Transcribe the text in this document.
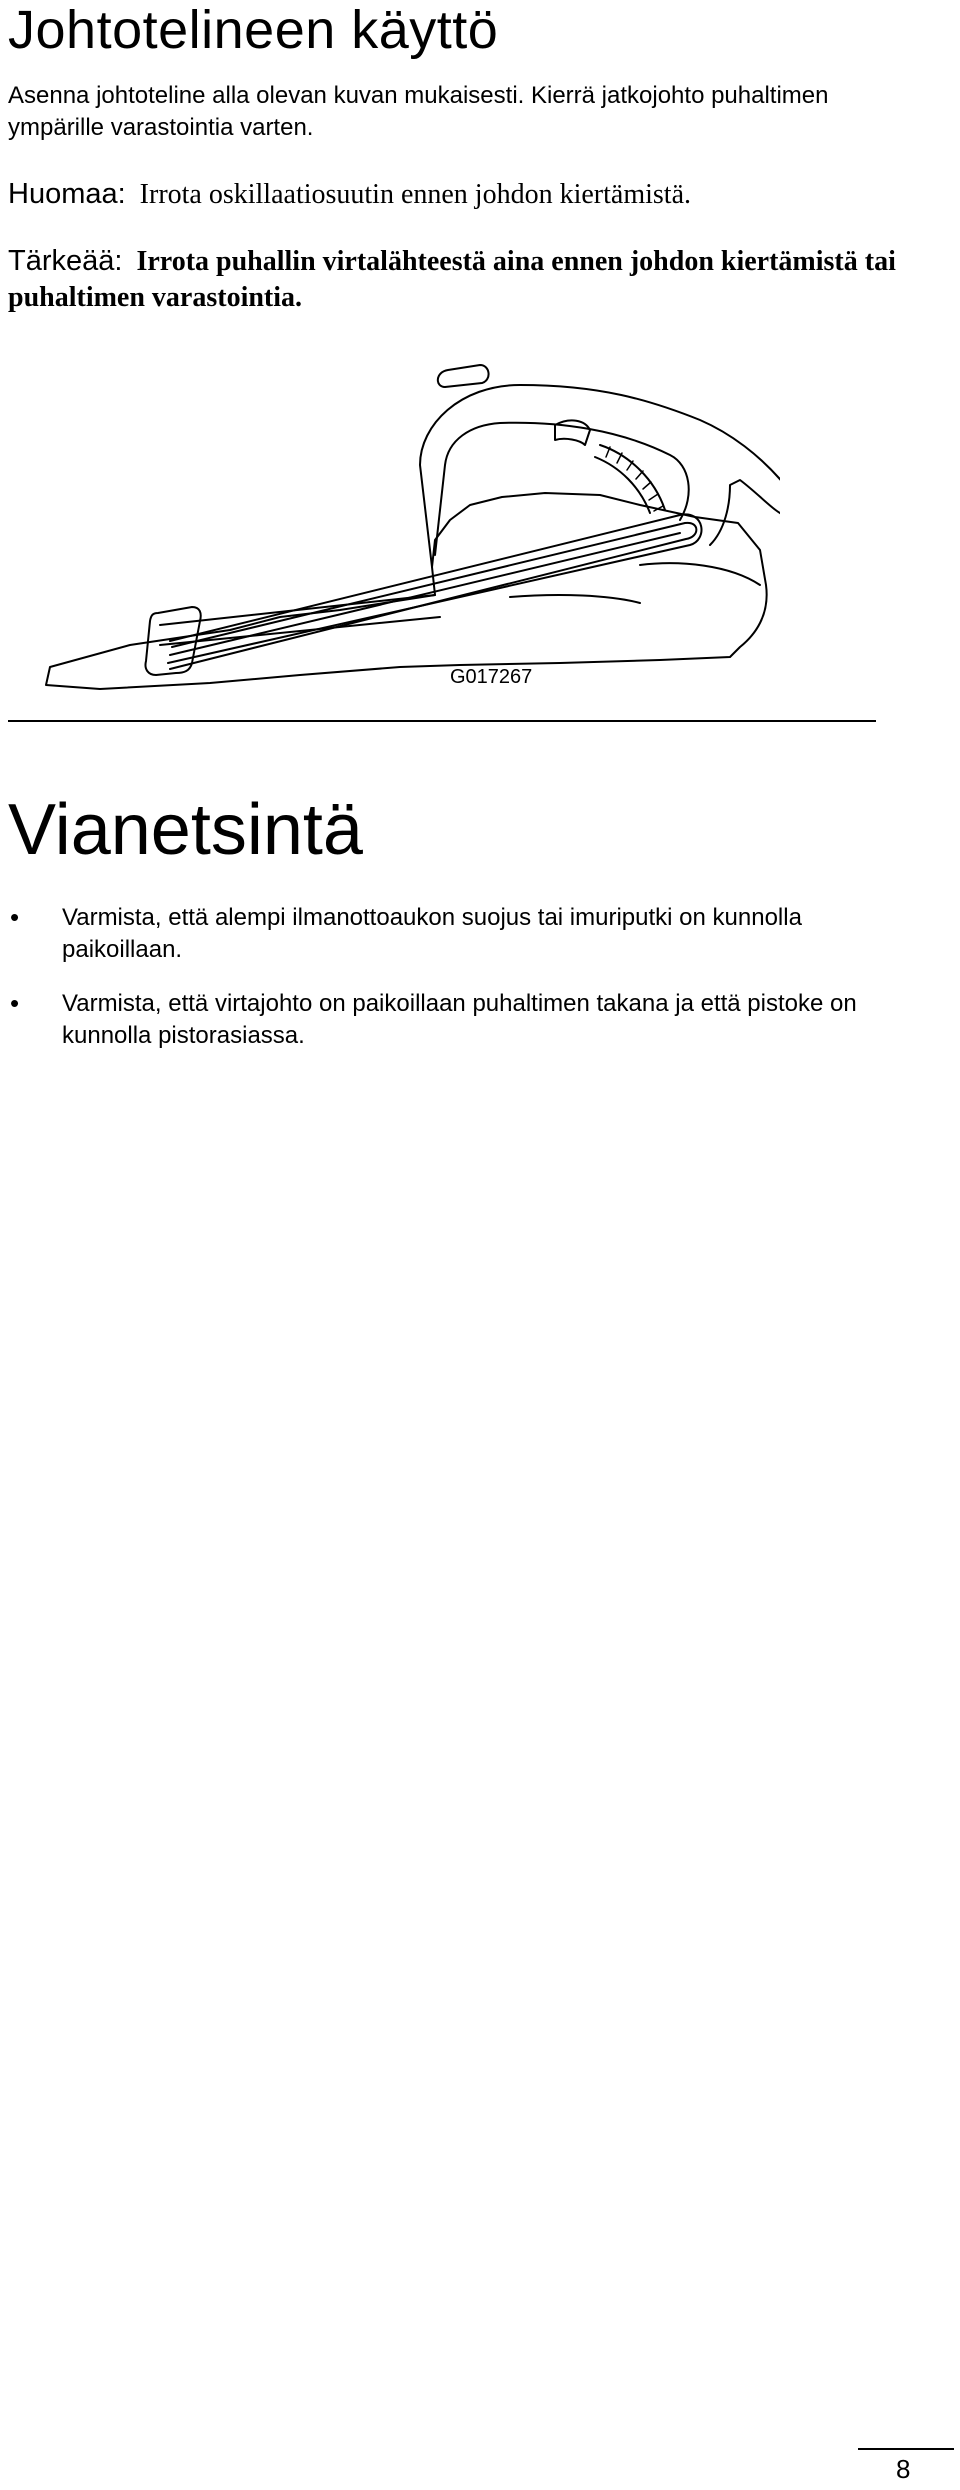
Johtotelineen käyttö

Asenna johtoteline alla olevan kuvan mukaisesti. Kierrä jatkojohto puhaltimen ympärille varastointia varten.

Huomaa: Irrota oskillaatiosuutin ennen johdon kiertämistä.

Tärkeää: Irrota puhallin virtalähteestä aina ennen johdon kiertämistä tai puhaltimen varastointia.

G017267
Vianetsintä
• Varmista, että alempi ilmanottoaukon suojus tai imuriputki on kunnolla paikoillaan.
• Varmista, että virtajohto on paikoillaan puhaltimen takana ja että pistoke on kunnolla pistorasiassa.
8
